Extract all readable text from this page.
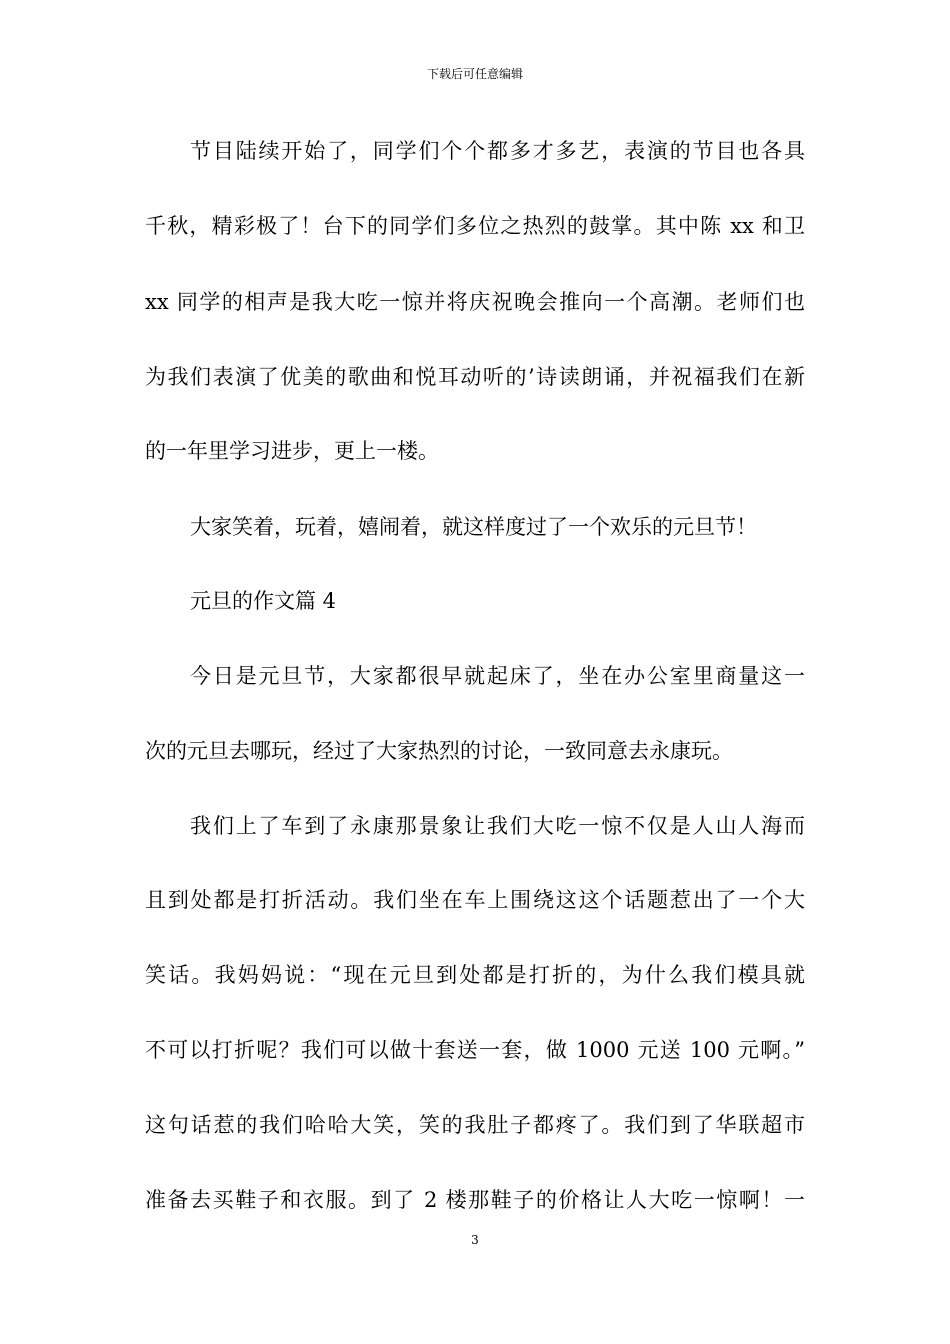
下载后可任意编辑
节目陆续开始了，同学们个个都多才多艺，表演的节目也各具
千秋，精彩极了！台下的同学们多位之热烈的鼓掌。其中陈 xx 和卫
xx 同学的相声是我大吃一惊并将庆祝晚会推向一个高潮。老师们也
为我们表演了优美的歌曲和悦耳动听的’诗读朗诵，并祝福我们在新
的一年里学习进步，更上一楼。
大家笑着，玩着，嬉闹着，就这样度过了一个欢乐的元旦节！
元旦的作文篇 4
今日是元旦节，大家都很早就起床了，坐在办公室里商量这一
次的元旦去哪玩，经过了大家热烈的讨论，一致同意去永康玩。
我们上了车到了永康那景象让我们大吃一惊不仅是人山人海而
且到处都是打折活动。我们坐在车上围绕这这个话题惹出了一个大
笑话。我妈妈说：“现在元旦到处都是打折的，为什么我们模具就
不可以打折呢？我们可以做十套送一套，做 1000 元送 100 元啊。”
这句话惹的我们哈哈大笑，笑的我肚子都疼了。我们到了华联超市
准备去买鞋子和衣服。到了 2 楼那鞋子的价格让人大吃一惊啊！一
3
